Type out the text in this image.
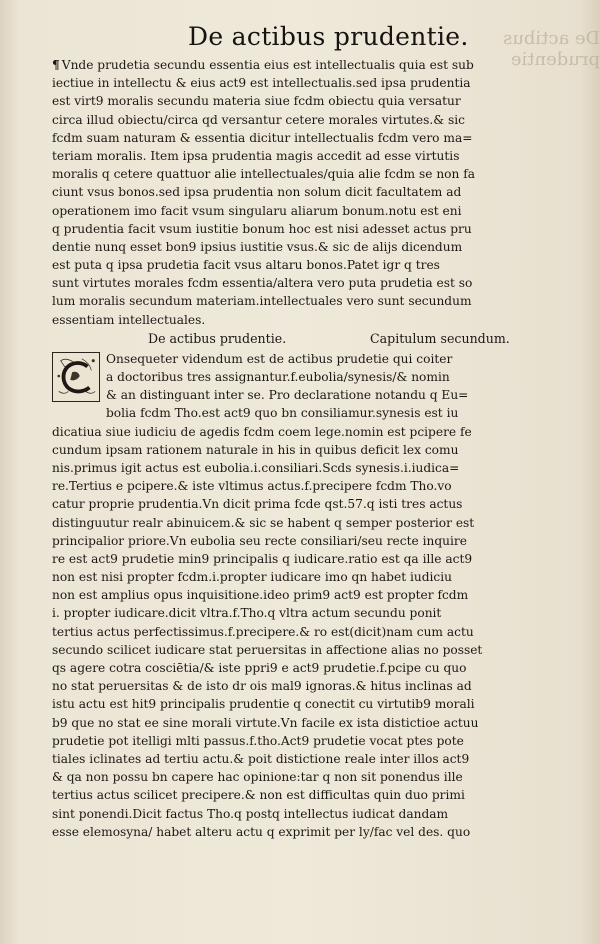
De actibus prudentie.	De actibus prudentie
¶ Vnde prudetia secundu essentia eius est intellectualis quia est sub
iectiue in intellectu & eius act9 est intellectualis.sed ipsa prudentia
est virt9 moralis secundu materia siue fcdm obiectu quia versatur
circa illud obiectu/circa qd versantur cetere morales virtutes.& sic
fcdm suam naturam & essentia dicitur intellectualis fcdm vero ma=
teriam moralis. Item ipsa prudentia magis accedit ad esse virtutis
moralis q cetere quattuor alie intellectuales/quia alie fcdm se non fa
ciunt vsus bonos.sed ipsa prudentia non solum dicit facultatem ad
operationem imo facit vsum singularu aliarum bonum.notu est eni
q prudentia facit vsum iustitie bonum hoc est nisi adesset actus pru
dentie nunq esset bon9 ipsius iustitie vsus.& sic de alijs dicendum
est puta q ipsa prudetia facit vsus altaru bonos.Patet igr q tres
sunt virtutes morales fcdm essentia/altera vero puta prudetia est so
lum moralis secundum materiam.intellectuales vero sunt secundum
essentiam intellectuales.
De actibus prudentie.	Capitulum secundum.
Onsequeter videndum est de actibus prudetie qui coiter
a doctoribus tres assignantur.f.eubolia/synesis/& nomin
& an distinguant inter se. Pro declaratione notandu q Eu=
bolia fcdm Tho.est act9 quo bn consiliamur.synesis est iu
dicatiua siue iudiciu de agedis fcdm coem lege.nomin est pcipere fe
cundum ipsam rationem naturale in his in quibus deficit lex comu
nis.primus igit actus est eubolia.i.consiliari.Scds synesis.i.iudica=
re.Tertius e pcipere.& iste vltimus actus.f.precipere fcdm Tho.vo
catur proprie prudentia.Vn dicit prima fcde qst.57.q isti tres actus
distinguutur realr abinuicem.& sic se habent q semper posterior est
principalior priore.Vn eubolia seu recte consiliari/seu recte inquire
re est act9 prudetie min9 principalis q iudicare.ratio est qa ille act9
non est nisi propter fcdm.i.propter iudicare imo qn habet iudiciu
non est amplius opus inquisitione.ideo prim9 act9 est propter fcdm
i. propter iudicare.dicit vltra.f.Tho.q vltra actum secundu ponit
tertius actus perfectissimus.f.precipere.& ro est(dicit)nam cum actu
secundo scilicet iudicare stat peruersitas in affectione alias no posset
qs agere cotra cosciētia/& iste ppri9 e act9 prudetie.f.pcipe cu quo
no stat peruersitas & de isto dr ois mal9 ignoras.& hitus inclinas ad
istu actu est hit9 principalis prudentie q conectit cu virtutib9 morali
b9 que no stat ee sine morali virtute.Vn facile ex ista distictioe actuu
prudetie pot itelligi mlti passus.f.tho.Act9 prudetie vocat ptes pote
tiales iclinates ad tertiu actu.& poit distictione reale inter illos act9
& qa non possu bn capere hac opinione:tar q non sit ponendus ille
tertius actus scilicet precipere.& non est difficultas quin duo primi
sint ponendi.Dicit factus Tho.q postq intellectus iudicat dandam
esse elemosyna/ habet alteru actu q exprimit per ly/fac vel des. quo
